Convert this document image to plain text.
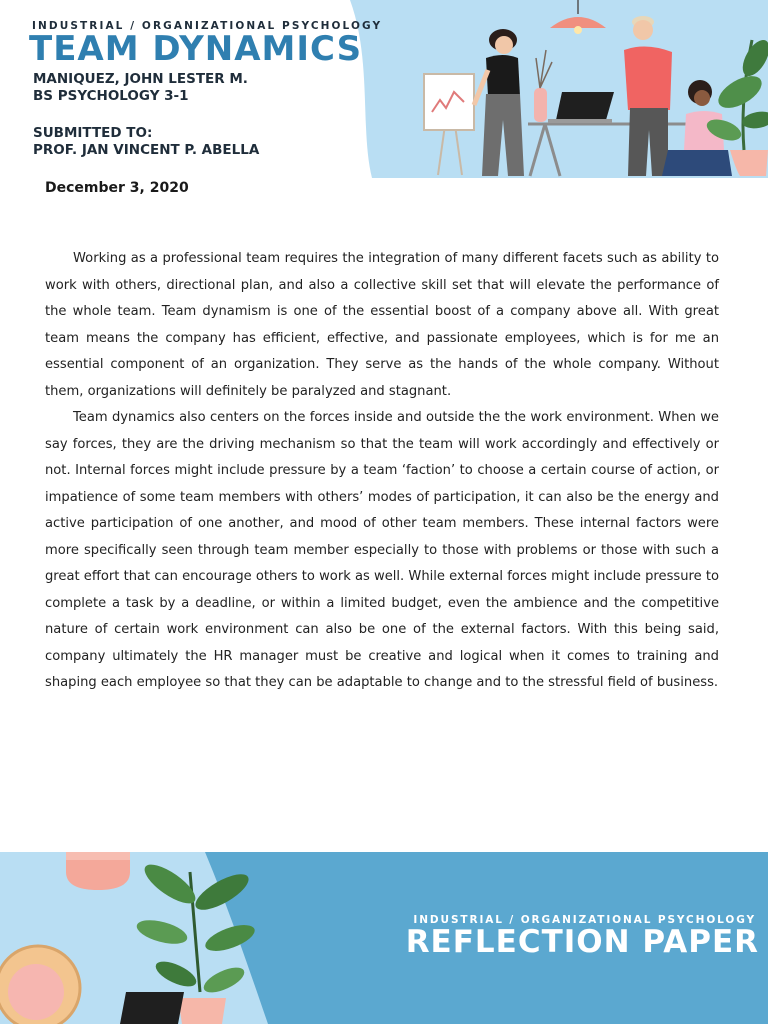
INDUSTRIAL / ORGANIZATIONAL PSYCHOLOGY
TEAM DYNAMICS
MANIQUEZ, JOHN LESTER M.
BS PSYCHOLOGY 3-1
SUBMITTED TO:
PROF. JAN VINCENT P. ABELLA
December 3, 2020

Working as a professional team requires the integration of many different facets such as ability to work with others, directional plan, and also a collective skill set that will elevate the performance of the whole team. Team dynamism is one of the essential boost of a company above all. With great team means the company has efficient, effective, and passionate employees, which is for me an essential component of an organization. They serve as the hands of the whole company. Without them, organizations will definitely be paralyzed and stagnant.

Team dynamics also centers on the forces inside and outside the the work environment. When we say forces, they are the driving mechanism so that the team will work accordingly and effectively or not. Internal forces might include pressure by a team ‘faction’ to choose a certain course of action, or impatience of some team members with others’ modes of participation, it can also be the energy and active participation of one another, and mood of other team members. These internal factors were more specifically seen through team member especially to those with problems or those with such a great effort that can encourage others to work as well. While external forces might include pressure to complete a task by a deadline, or within a limited budget, even the ambience and the competitive nature of certain work environment can also be one of the external factors. With this being said, company ultimately the HR manager must be creative and logical when it comes to training and shaping each employee so that they can be adaptable to change and to the stressful field of business.

INDUSTRIAL / ORGANIZATIONAL PSYCHOLOGY
REFLECTION PAPER
